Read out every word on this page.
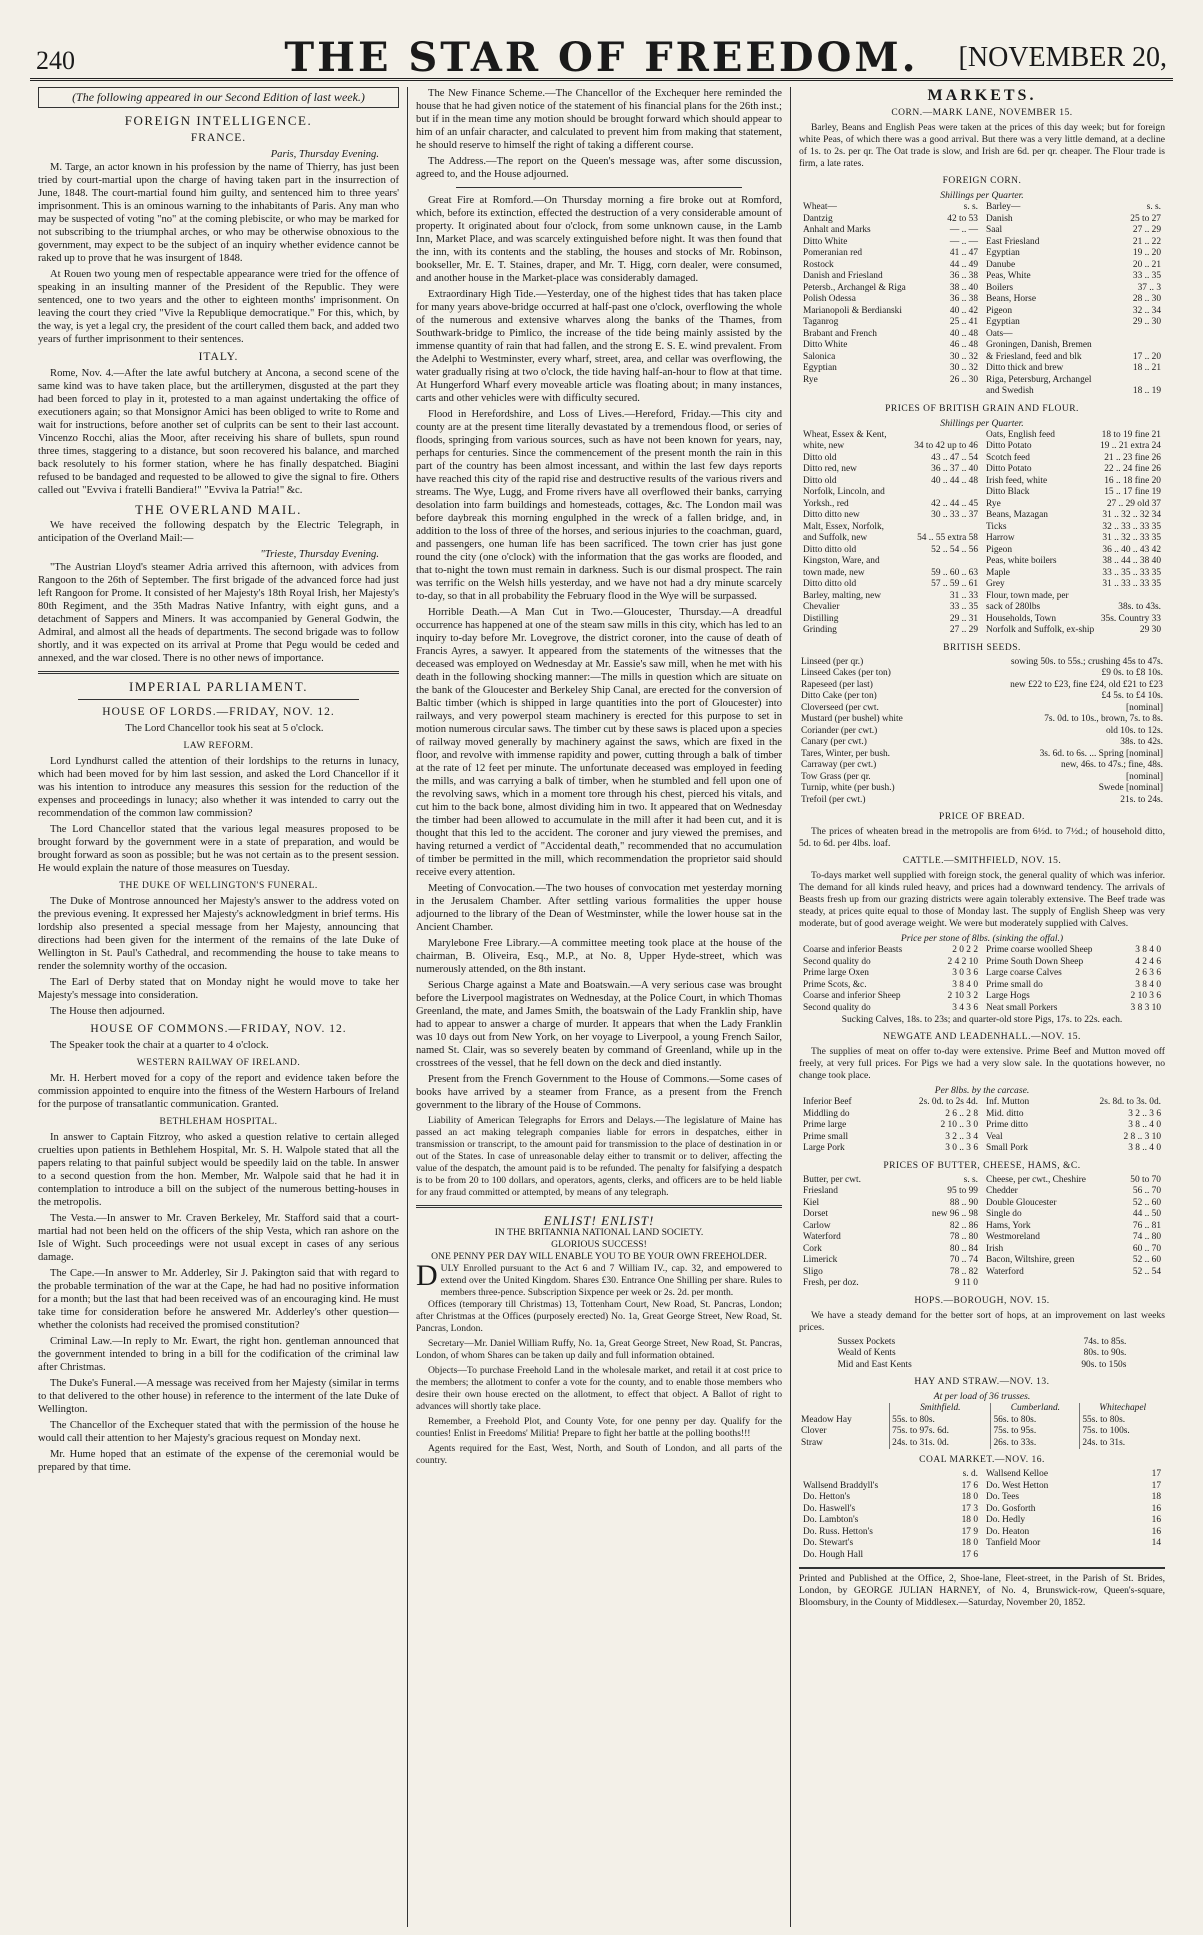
240	THE STAR OF FREEDOM.	[NOVEMBER 20,
(The following appeared in our Second Edition of last week.)
FOREIGN INTELLIGENCE.
FRANCE.
Paris, Thursday Evening.

M. Targe, an actor known in his profession by the name of Thierry, has just been tried by court-martial upon the charge of having taken part in the insurrection of June, 1848. The court-martial found him guilty, and sentenced him to three years' imprisonment. This is an ominous warning to the inhabitants of Paris. Any man who may be suspected of voting "no" at the coming plebiscite, or who may be marked for not subscribing to the triumphal arches, or who may be otherwise obnoxious to the government, may expect to be the subject of an inquiry whether evidence cannot be raked up to prove that he was insurgent of 1848.

At Rouen two young men of respectable appearance were tried for the offence of speaking in an insulting manner of the President of the Republic. They were sentenced, one to two years and the other to eighteen months' imprisonment. On leaving the court they cried "Vive la Republique democratique." For this, which, by the way, is yet a legal cry, the president of the court called them back, and added two years of further imprisonment to their sentences.

ITALY.

Rome, Nov. 4.—After the late awful butchery at Ancona, a second scene of the same kind was to have taken place, but the artillerymen, disgusted at the part they had been forced to play in it, protested to a man against undertaking the office of executioners again; so that Monsignor Amici has been obliged to write to Rome and wait for instructions, before another set of culprits can be sent to their last account. Vincenzo Rocchi, alias the Moor, after receiving his share of bullets, spun round three times, staggering to a distance, but soon recovered his balance, and marched back resolutely to his former station, where he has finally despatched. Biagini refused to be bandaged and requested to be allowed to give the signal to fire. Others called out "Evviva i fratelli Bandiera!" "Evviva la Patria!" &c.

THE OVERLAND MAIL.

We have received the following despatch by the Electric Telegraph, in anticipation of the Overland Mail:—

"Trieste, Thursday Evening.

"The Austrian Lloyd's steamer Adria arrived this afternoon, with advices from Rangoon to the 26th of September. The first brigade of the advanced force had just left Rangoon for Prome. It consisted of her Majesty's 18th Royal Irish, her Majesty's 80th Regiment, and the 35th Madras Native Infantry, with eight guns, and a detachment of Sappers and Miners. It was accompanied by General Godwin, the Admiral, and almost all the heads of departments. The second brigade was to follow shortly, and it was expected on its arrival at Prome that Pegu would be ceded and annexed, and the war closed. There is no other news of importance.

IMPERIAL PARLIAMENT.
HOUSE OF LORDS.—FRIDAY, NOV. 12.

The Lord Chancellor took his seat at 5 o'clock.

LAW REFORM.

Lord Lyndhurst called the attention of their lordships to the returns in lunacy, which had been moved for by him last session, and asked the Lord Chancellor if it was his intention to introduce any measures this session for the reduction of the expenses and proceedings in lunacy; also whether it was intended to carry out the recommendation of the common law commission?

The Lord Chancellor stated that the various legal measures proposed to be brought forward by the government were in a state of preparation, and would be brought forward as soon as possible; but he was not certain as to the present session. He would explain the nature of those measures on Tuesday.

THE DUKE OF WELLINGTON'S FUNERAL.

The Duke of Montrose announced her Majesty's answer to the address voted on the previous evening. It expressed her Majesty's acknowledgment in brief terms. His lordship also presented a special message from her Majesty, announcing that directions had been given for the interment of the remains of the late Duke of Wellington in St. Paul's Cathedral, and recommending the house to take means to render the solemnity worthy of the occasion.

The Earl of Derby stated that on Monday night he would move to take her Majesty's message into consideration.

The House then adjourned.

HOUSE OF COMMONS.—FRIDAY, NOV. 12.

The Speaker took the chair at a quarter to 4 o'clock.

WESTERN RAILWAY OF IRELAND.

Mr. H. Herbert moved for a copy of the report and evidence taken before the commission appointed to enquire into the fitness of the Western Harbours of Ireland for the purpose of transatlantic communication. Granted.

BETHLEHAM HOSPITAL.

In answer to Captain Fitzroy, who asked a question relative to certain alleged cruelties upon patients in Bethlehem Hospital, Mr. S. H. Walpole stated that all the papers relating to that painful subject would be speedily laid on the table. In answer to a second question from the hon. Member, Mr. Walpole said that he had it in contemplation to introduce a bill on the subject of the numerous betting-houses in the metropolis.

The Vesta.—In answer to Mr. Craven Berkeley, Mr. Stafford said that a court-martial had not been held on the officers of the ship Vesta, which ran ashore on the Isle of Wight. Such proceedings were not usual except in cases of any serious damage.

The Cape.—In answer to Mr. Adderley, Sir J. Pakington said that with regard to the probable termination of the war at the Cape, he had had no positive information for a month; but the last that had been received was of an encouraging kind. He must take time for consideration before he answered Mr. Adderley's other question—whether the colonists had received the promised constitution?

Criminal Law.—In reply to Mr. Ewart, the right hon. gentleman announced that the government intended to bring in a bill for the codification of the criminal law after Christmas.

The Duke's Funeral.—A message was received from her Majesty (similar in terms to that delivered to the other house) in reference to the interment of the late Duke of Wellington.

The Chancellor of the Exchequer stated that with the permission of the house he would call their attention to her Majesty's gracious request on Monday next.

Mr. Hume hoped that an estimate of the expense of the ceremonial would be prepared by that time.

The New Finance Scheme.—The Chancellor of the Exchequer here reminded the house that he had given notice of the statement of his financial plans for the 26th inst.; but if in the mean time any motion should be brought forward which should appear to him of an unfair character, and calculated to prevent him from making that statement, he should reserve to himself the right of taking a different course.

The Address.—The report on the Queen's message was, after some discussion, agreed to, and the House adjourned.

Great Fire at Romford.—On Thursday morning a fire broke out at Romford, which, before its extinction, effected the destruction of a very considerable amount of property. It originated about four o'clock, from some unknown cause, in the Lamb Inn, Market Place, and was scarcely extinguished before night. It was then found that the inn, with its contents and the stabling, the houses and stocks of Mr. Robinson, bookseller, Mr. E. T. Staines, draper, and Mr. T. Higg, corn dealer, were consumed, and another house in the Market-place was considerably damaged.

Extraordinary High Tide.—Yesterday, one of the highest tides that has taken place for many years above-bridge occurred at half-past one o'clock, overflowing the whole of the numerous and extensive wharves along the banks of the Thames, from Southwark-bridge to Pimlico, the increase of the tide being mainly assisted by the immense quantity of rain that had fallen, and the strong E. S. E. wind prevalent. From the Adelphi to Westminster, every wharf, street, area, and cellar was overflowing, the water gradually rising at two o'clock, the tide having half-an-hour to flow at that time. At Hungerford Wharf every moveable article was floating about; in many instances, carts and other vehicles were with difficulty secured.

Flood in Herefordshire, and Loss of Lives.—Hereford, Friday.—This city and county are at the present time literally devastated by a tremendous flood, or series of floods, springing from various sources, such as have not been known for years, nay, perhaps for centuries. Since the commencement of the present month the rain in this part of the country has been almost incessant, and within the last few days reports have reached this city of the rapid rise and destructive results of the various rivers and streams. The Wye, Lugg, and Frome rivers have all overflowed their banks, carrying desolation into farm buildings and homesteads, cottages, &c. The London mail was before daybreak this morning engulphed in the wreck of a fallen bridge, and, in addition to the loss of three of the horses, and serious injuries to the coachman, guard, and passengers, one human life has been sacrificed. The town crier has just gone round the city (one o'clock) with the information that the gas works are flooded, and that to-night the town must remain in darkness. Such is our dismal prospect. The rain was terrific on the Welsh hills yesterday, and we have not had a dry minute scarcely to-day, so that in all probability the February flood in the Wye will be surpassed.

Horrible Death.—A Man Cut in Two.—Gloucester, Thursday.—A dreadful occurrence has happened at one of the steam saw mills in this city, which has led to an inquiry to-day before Mr. Lovegrove, the district coroner, into the cause of death of Francis Ayres, a sawyer. It appeared from the statements of the witnesses that the deceased was employed on Wednesday at Mr. Eassie's saw mill, when he met with his death in the following shocking manner:—The mills in question which are situate on the bank of the Gloucester and Berkeley Ship Canal, are erected for the conversion of Baltic timber (which is shipped in large quantities into the port of Gloucester) into railways, and very powerpol steam machinery is erected for this purpose to set in motion numerous circular saws. The timber cut by these saws is placed upon a species of railway moved generally by machinery against the saws, which are fixed in the floor, and revolve with immense rapidity and power, cutting through a balk of timber at the rate of 12 feet per minute. The unfortunate deceased was employed in feeding the mills, and was carrying a balk of timber, when he stumbled and fell upon one of the revolving saws, which in a moment tore through his chest, pierced his vitals, and cut him to the back bone, almost dividing him in two. It appeared that on Wednesday the timber had been allowed to accumulate in the mill after it had been cut, and it is thought that this led to the accident. The coroner and jury viewed the premises, and having returned a verdict of "Accidental death," recommended that no accumulation of timber be permitted in the mill, which recommendation the proprietor said should receive every attention.

Meeting of Convocation.—The two houses of convocation met yesterday morning in the Jerusalem Chamber. After settling various formalities the upper house adjourned to the library of the Dean of Westminster, while the lower house sat in the Ancient Chamber.

Marylebone Free Library.—A committee meeting took place at the house of the chairman, B. Oliveira, Esq., M.P., at No. 8, Upper Hyde-street, which was numerously attended, on the 8th instant.

Serious Charge against a Mate and Boatswain.—A very serious case was brought before the Liverpool magistrates on Wednesday, at the Police Court, in which Thomas Greenland, the mate, and James Smith, the boatswain of the Lady Franklin ship, have had to appear to answer a charge of murder. It appears that when the Lady Franklin was 10 days out from New York, on her voyage to Liverpool, a young French Sailor, named St. Clair, was so severely beaten by command of Greenland, while up in the crosstrees of the vessel, that he fell down on the deck and died instantly.

Present from the French Government to the House of Commons.—Some cases of books have arrived by a steamer from France, as a present from the French government to the library of the House of Commons.

Liability of American Telegraphs for Errors and Delays.—The legislature of Maine has passed an act making telegraph companies liable for errors in despatches, either in transmission or transcript, to the amount paid for transmission to the place of destination in or out of the States. In case of unreasonable delay either to transmit or to deliver, affecting the value of the despatch, the amount paid is to be refunded. The penalty for falsifying a despatch is to be from 20 to 100 dollars, and operators, agents, clerks, and officers are to be held liable for any fraud committed or attempted, by means of any telegraph.

ENLIST! ENLIST!
IN THE BRITANNIA NATIONAL LAND SOCIETY.
GLORIOUS SUCCESS!
ONE PENNY PER DAY WILL ENABLE YOU TO BE YOUR OWN FREEHOLDER.
D ULY Enrolled pursuant to the Act 6 and 7 William IV., cap. 32, and empowered to extend over the United Kingdom. Shares £30. Entrance One Shilling per share. Rules to members three-pence. Subscription Sixpence per week or 2s. 2d. per month.

Offices (temporary till Christmas) 13, Tottenham Court, New Road, St. Pancras, London; after Christmas at the Offices (purposely erected) No. 1a, Great George Street, New Road, St. Pancras, London.

Secretary—Mr. Daniel William Ruffy, No. 1a, Great George Street, New Road, St. Pancras, London, of whom Shares can be taken up daily and full information obtained.

Objects—To purchase Freehold Land in the wholesale market, and retail it at cost price to the members; the allotment to confer a vote for the county, and to enable those members who desire their own house erected on the allotment, to effect that object. A Ballot of right to advances will shortly take place.

Remember, a Freehold Plot, and County Vote, for one penny per day. Qualify for the counties! Enlist in Freedoms' Militia! Prepare to fight her battle at the polling booths!!!

Agents required for the East, West, North, and South of London, and all parts of the country.

MARKETS.
CORN.—MARK LANE, NOVEMBER 15.

Barley, Beans and English Peas were taken at the prices of this day week; but for foreign white Peas, of which there was a good arrival. But there was a very little demand, at a decline of 1s. to 2s. per qr. The Oat trade is slow, and Irish are 6d. per qr. cheaper. The Flour trade is firm, a late rates.

FOREIGN CORN.
Shillings per Quarter.
Wheat—	s. s.
Dantzig	42 to 53
Anhalt and Marks	— .. —
Ditto White	— .. —
Pomeranian red	41 .. 47
Rostock	44 .. 49
Danish and Friesland	36 .. 38
Petersb., Archangel & Riga	38 .. 40
Polish Odessa	36 .. 38
Marianopoli & Berdianski	40 .. 42
Taganrog	25 .. 41
Brabant and French	40 .. 48
Ditto White	46 .. 48
Salonica	30 .. 32
Egyptian	30 .. 32
Rye	26 .. 30

Barley—	s. s.
Danish	25 to 27
Saal	27 .. 29
East Friesland	21 .. 22
Egyptian	19 .. 20
Danube	20 .. 21
Peas, White	33 .. 35
Boilers	37 .. 3
Beans, Horse	28 .. 30
Pigeon	32 .. 34
Egyptian	29 .. 30
Oats—	
Groningen, Danish, Bremen	
& Friesland, feed and blk	17 .. 20
Ditto thick and brew	18 .. 21
Riga, Petersburg, Archangel	
and Swedish	18 .. 19
PRICES OF BRITISH GRAIN AND FLOUR.
Shillings per Quarter.
Wheat, Essex & Kent,	
white, new	34 to 42 up to 46
Ditto old	43 .. 47 .. 54
Ditto red, new	36 .. 37 .. 40
Ditto old	40 .. 44 .. 48
Norfolk, Lincoln, and	
Yorksh., red	42 .. 44 .. 45
Ditto ditto new	30 .. 33 .. 37
Malt, Essex, Norfolk,	
and Suffolk, new	54 .. 55 extra 58
Ditto ditto old	52 .. 54 .. 56
Kingston, Ware, and	
town made, new	59 .. 60 .. 63
Ditto ditto old	57 .. 59 .. 61
Barley, malting, new	31 .. 33
Chevalier	33 .. 35
Distilling	29 .. 31
Grinding	27 .. 29

Oats, English feed	18 to 19 fine 21
Ditto Potato	19 .. 21 extra 24
Scotch feed	21 .. 23 fine 26
Ditto Potato	22 .. 24 fine 26
Irish feed, white	16 .. 18 fine 20
Ditto Black	15 .. 17 fine 19
Rye	27 .. 29 old 37
Beans, Mazagan	31 .. 32 .. 32 34
Ticks	32 .. 33 .. 33 35
Harrow	31 .. 32 .. 33 35
Pigeon	36 .. 40 .. 43 42
Peas, white boilers	38 .. 44 .. 38 40
Maple	33 .. 35 .. 33 35
Grey	31 .. 33 .. 33 35
Flour, town made, per	
sack of 280lbs	38s. to 43s.
Households, Town	35s. Country 33
Norfolk and Suffolk, ex-ship	29 30
BRITISH SEEDS.
Linseed (per qr.)	sowing 50s. to 55s.; crushing 45s to 47s.
Linseed Cakes (per ton)	£9 0s. to £8 10s.
Rapeseed (per last)	new £22 to £23, fine £24, old £21 to £23
Ditto Cake (per ton)	£4 5s. to £4 10s.
Cloverseed (per cwt.	[nominal]
Mustard (per bushel) white	7s. 0d. to 10s., brown, 7s. to 8s.
Coriander (per cwt.)	old 10s. to 12s.
Canary (per cwt.)	38s. to 42s.
Tares, Winter, per bush.	3s. 6d. to 6s. ... Spring [nominal]
Carraway (per cwt.)	new, 46s. to 47s.; fine, 48s.
Tow Grass (per qr.	[nominal]
Turnip, white (per bush.)	Swede [nominal]
Trefoil (per cwt.)	21s. to 24s.
PRICE OF BREAD.

The prices of wheaten bread in the metropolis are from 6½d. to 7½d.; of household ditto, 5d. to 6d. per 4lbs. loaf.

CATTLE.—SMITHFIELD, NOV. 15.

To-days market well supplied with foreign stock, the general quality of which was inferior. The demand for all kinds ruled heavy, and prices had a downward tendency. The arrivals of Beasts fresh up from our grazing districts were again tolerably extensive. The Beef trade was steady, at prices quite equal to those of Monday last. The supply of English Sheep was very moderate, but of good average weight. We were but moderately supplied with Calves.

Price per stone of 8lbs. (sinking the offal.)
Coarse and inferior Beasts	2 0 2 2
Second quality do	2 4 2 10
Prime large Oxen	3 0 3 6
Prime Scots, &c.	3 8 4 0
Coarse and inferior Sheep	2 10 3 2
Second quality do	3 4 3 6

Prime coarse woolled Sheep	3 8 4 0
Prime South Down Sheep	4 2 4 6
Large coarse Calves	2 6 3 6
Prime small do	3 8 4 0
Large Hogs	2 10 3 6
Neat small Porkers	3 8 3 10
Sucking Calves, 18s. to 23s; and quarter-old store Pigs, 17s. to 22s. each.
NEWGATE AND LEADENHALL.—NOV. 15.

The supplies of meat on offer to-day were extensive. Prime Beef and Mutton moved off freely, at very full prices. For Pigs we had a very slow sale. In the quotations however, no change took place.

Per 8lbs. by the carcase.
Inferior Beef	2s. 0d. to 2s 4d.
Middling do	2 6 .. 2 8
Prime large	2 10 .. 3 0
Prime small	3 2 .. 3 4
Large Pork	3 0 .. 3 6

Inf. Mutton	2s. 8d. to 3s. 0d.
Mid. ditto	3 2 .. 3 6
Prime ditto	3 8 .. 4 0
Veal	2 8 .. 3 10
Small Pork	3 8 .. 4 0
PRICES OF BUTTER, CHEESE, HAMS, &C.
Butter, per cwt.	s. s.
Friesland	95 to 99
Kiel	88 .. 90
Dorset	new 96 .. 98
Carlow	82 .. 86
Waterford	78 .. 80
Cork	80 .. 84
Limerick	70 .. 74
Sligo	78 .. 82
Fresh, per doz.	9 11 0

Cheese, per cwt., Cheshire	50 to 70
Chedder	56 .. 70
Double Gloucester	52 .. 60
Single do	44 .. 50
Hams, York	76 .. 81
Westmoreland	74 .. 80
Irish	60 .. 70
Bacon, Wiltshire, green	52 .. 60
Waterford	52 .. 54
HOPS.—BOROUGH, NOV. 15.

We have a steady demand for the better sort of hops, at an improvement on last weeks prices.

Sussex Pockets	74s. to 85s.
Weald of Kents	80s. to 90s.
Mid and East Kents	90s. to 150s
HAY AND STRAW.—NOV. 13.
At per load of 36 trusses.
	Smithfield.	Cumberland.	Whitechapel
Meadow Hay	55s. to 80s.	56s. to 80s.	55s. to 80s.
Clover	75s. to 97s. 6d.	75s. to 95s.	75s. to 100s.
Straw	24s. to 31s. 0d.	26s. to 33s.	24s. to 31s.
COAL MARKET.—NOV. 16.
	s. d.
Wallsend Braddyll's	17 6
Do. Hetton's	18 0
Do. Haswell's	17 3
Do. Lambton's	18 0
Do. Russ. Hetton's	17 9
Do. Stewart's	18 0
Do. Hough Hall	17 6

Wallsend Kelloe	17
Do. West Hetton	17
Do. Tees	18
Do. Gosforth	16
Do. Hedly	16
Do. Heaton	16
Tanfield Moor	14
Printed and Published at the Office, 2, Shoe-lane, Fleet-street, in the Parish of St. Brides, London, by GEORGE JULIAN HARNEY, of No. 4, Brunswick-row, Queen's-square, Bloomsbury, in the County of Middlesex.—Saturday, November 20, 1852.
